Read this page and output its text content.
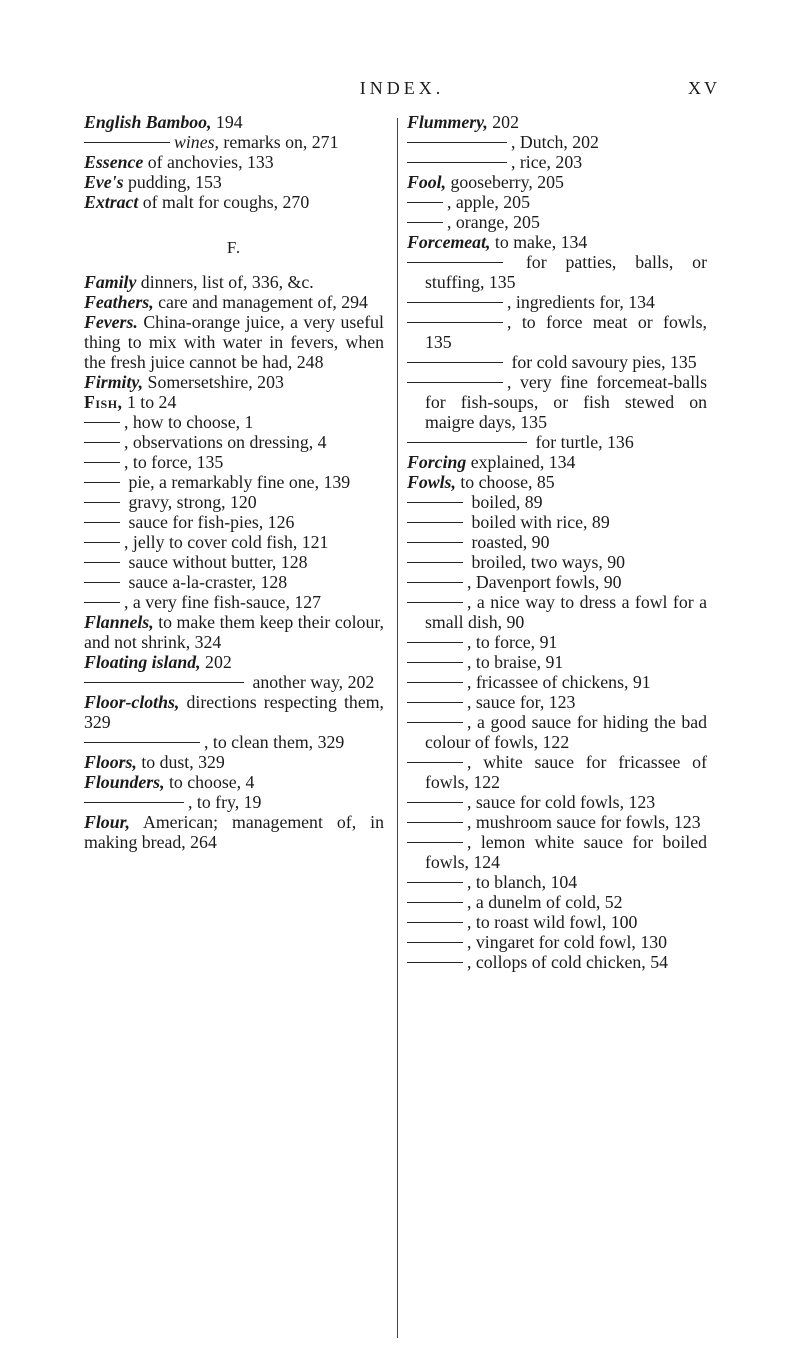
INDEX.	XV
English Bamboo, 194
wines, remarks on, 271
Essence of anchovies, 133
Eve's pudding, 153
Extract of malt for coughs, 270
F.
Family dinners, list of, 336, &c.
Feathers, care and management of, 294
Fevers. China-orange juice, a very useful thing to mix with water in fevers, when the fresh juice cannot be had, 248
Firmity, Somersetshire, 203
Fish, 1 to 24
, how to choose, 1
, observations on dressing, 4
, to force, 135
pie, a remarkably fine one, 139
gravy, strong, 120
sauce for fish-pies, 126
, jelly to cover cold fish, 121
sauce without butter, 128
sauce a-la-craster, 128
, a very fine fish-sauce, 127
Flannels, to make them keep their colour, and not shrink, 324
Floating island, 202
another way, 202
Floor-cloths, directions respecting them, 329
, to clean them, 329
Floors, to dust, 329
Flounders, to choose, 4
, to fry, 19
Flour, American; management of, in making bread, 264
Flummery, 202
, Dutch, 202
, rice, 203
Fool, gooseberry, 205
, apple, 205
, orange, 205
Forcemeat, to make, 134
for patties, balls, or stuffing, 135
, ingredients for, 134
, to force meat or fowls, 135
for cold savoury pies, 135
, very fine forcemeat-balls for fish-soups, or fish stewed on maigre days, 135
for turtle, 136
Forcing explained, 134
Fowls, to choose, 85
boiled, 89
boiled with rice, 89
roasted, 90
broiled, two ways, 90
, Davenport fowls, 90
, a nice way to dress a fowl for a small dish, 90
, to force, 91
, to braise, 91
, fricassee of chickens, 91
, sauce for, 123
, a good sauce for hiding the bad colour of fowls, 122
, white sauce for fricassee of fowls, 122
, sauce for cold fowls, 123
, mushroom sauce for fowls, 123
, lemon white sauce for boiled fowls, 124
, to blanch, 104
, a dunelm of cold, 52
, to roast wild fowl, 100
, vingaret for cold fowl, 130
, collops of cold chicken, 54
